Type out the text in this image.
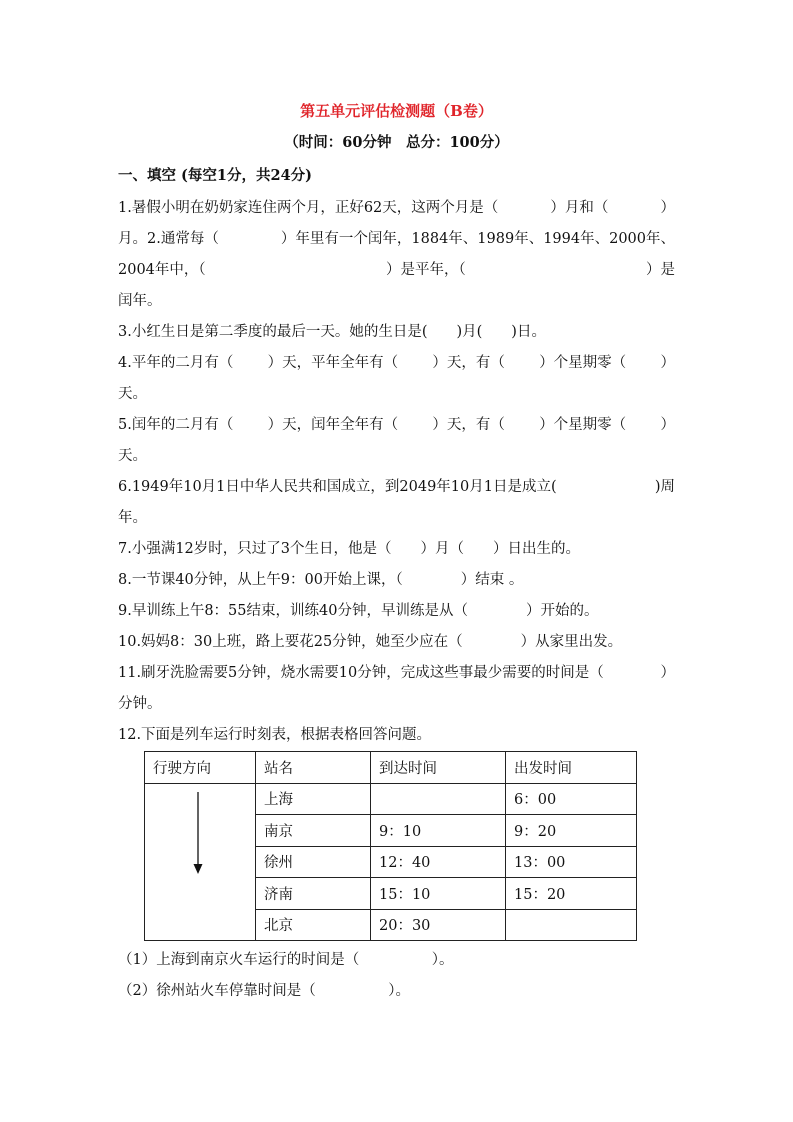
第五单元评估检测题（B卷）
（时间：60分钟　总分：100分）
一、填空 (每空1分，共24分)
1.暑假小明在奶奶家连住两个月，正好62天，这两个月是（	）月和（	）
月。2.通常每（	）年里有一个闰年，1884年、1989年、1994年、2000年、
2004年中，（	）是平年，（	）是
闰年。
3.小红生日是第二季度的最后一天。她的生日是(　　)月(　　)日。
4.平年的二月有（ ）天，平年全年有（ ）天，有（ ）个星期零（ ）
天。
5.闰年的二月有（ ）天，闰年全年有（ ）天，有（ ）个星期零（ ）
天。
6.1949年10月1日中华人民共和国成立，到2049年10月1日是成立(	)周
年。
7.小强满12岁时，只过了3个生日，他是（　　）月（　　）日出生的。
8.一节课40分钟，从上午9：00开始上课，（　　　　）结束 。
9.早训练上午8：55结束，训练40分钟，早训练是从（　　　　）开始的。
10.妈妈8：30上班，路上要花25分钟，她至少应在（　　　　）从家里出发。
11.刷牙洗脸需要5分钟，烧水需要10分钟，完成这些事最少需要的时间是（	）
分钟。
12.下面是列车运行时刻表，根据表格回答问题。
行驶方向	站名	到达时间	出发时间
	上海		6：00
	南京	9：10	9：20
	徐州	12：40	13：00
	济南	15：10	15：20
	北京	20：30	
（1）上海到南京火车运行的时间是（　　　　　）。
（2）徐州站火车停靠时间是（　　　　　）。
